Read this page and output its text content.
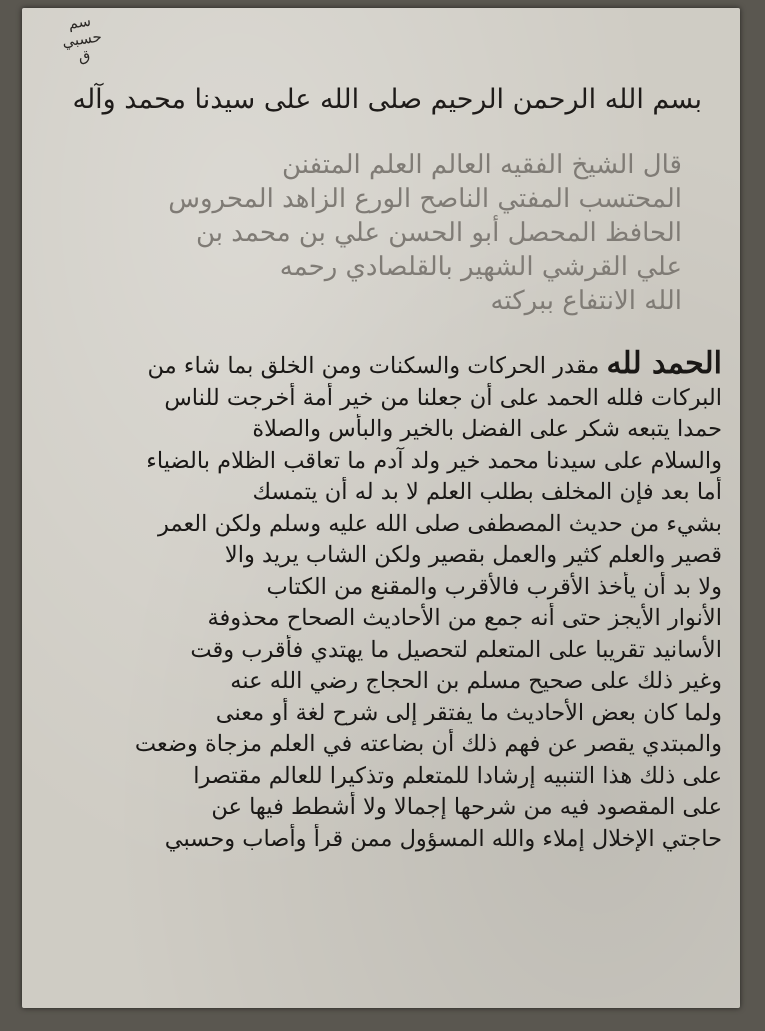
سم
حسبي
ق
بسم الله الرحمن الرحيم صلى الله على سيدنا محمد وآله
قال الشيخ الفقيه العالم العلم المتفنن
المحتسب المفتي الناصح الورع الزاهد المحروس
الحافظ المحصل أبو الحسن علي بن محمد بن
علي القرشي الشهير بالقلصادي رحمه
الله الانتفاع ببركته
الحمد لله مقدر الحركات والسكنات ومن الخلق بما شاء من
البركات فلله الحمد على أن جعلنا من خير أمة أخرجت للناس
حمدا يتبعه شكر على الفضل بالخير والبأس والصلاة
والسلام على سيدنا محمد خير ولد آدم ما تعاقب الظلام بالضياء
أما بعد فإن المخلف بطلب العلم لا بد له أن يتمسك
بشيء من حديث المصطفى صلى الله عليه وسلم ولكن العمر
قصير والعلم كثير والعمل بقصير ولكن الشاب يريد والا
ولا بد أن يأخذ الأقرب فالأقرب والمقنع من الكتاب
الأنوار الأيجز حتى أنه جمع من الأحاديث الصحاح محذوفة
الأسانيد تقريبا على المتعلم لتحصيل ما يهتدي فأقرب وقت
وغير ذلك على صحيح مسلم بن الحجاج رضي الله عنه
ولما كان بعض الأحاديث ما يفتقر إلى شرح لغة أو معنى
والمبتدي يقصر عن فهم ذلك أن بضاعته في العلم مزجاة وضعت
على ذلك هذا التنبيه إرشادا للمتعلم وتذكيرا للعالم مقتصرا
على المقصود فيه من شرحها إجمالا ولا أشطط فيها عن
حاجتي الإخلال إملاء والله المسؤول ممن قرأ وأصاب وحسبي
